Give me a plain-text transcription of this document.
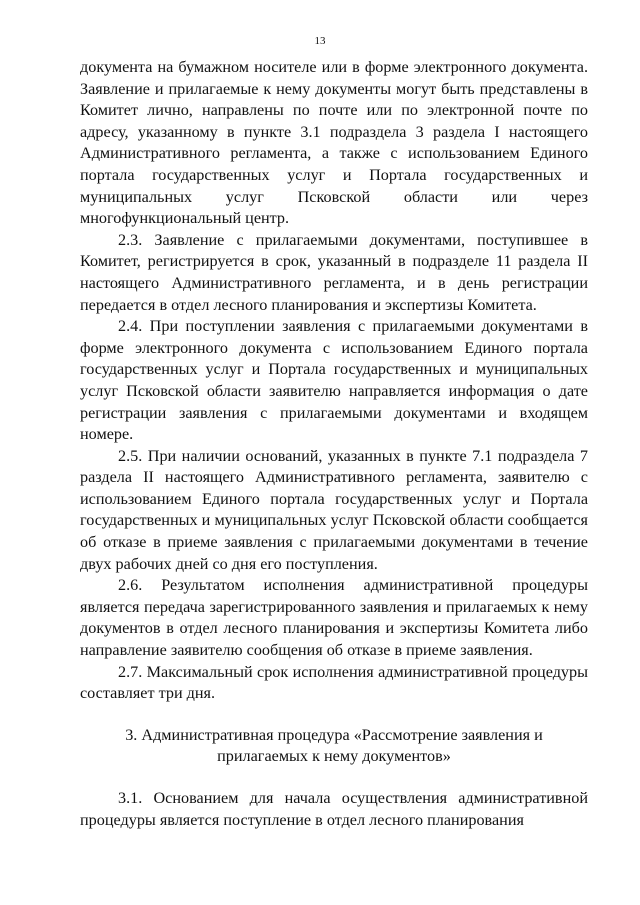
13

документа на бумажном носителе или в форме электронного документа. Заявление и прилагаемые к нему документы могут быть представлены в Комитет лично, направлены по почте или по электронной почте по адресу, указанному в пункте 3.1 подраздела 3 раздела I настоящего Административного регламента, а также с использованием Единого портала государственных услуг и Портала государственных и муниципальных услуг Псковской области или через многофункциональный центр.

2.3. Заявление с прилагаемыми документами, поступившее в Комитет, регистрируется в срок, указанный в подразделе 11 раздела II настоящего Административного регламента, и в день регистрации передается в отдел лесного планирования и экспертизы Комитета.

2.4. При поступлении заявления с прилагаемыми документами в форме электронного документа с использованием Единого портала государственных услуг и Портала государственных и муниципальных услуг Псковской области заявителю направляется информация о дате регистрации заявления с прилагаемыми документами и входящем номере.

2.5. При наличии оснований, указанных в пункте 7.1 подраздела 7 раздела II настоящего Административного регламента, заявителю с использованием Единого портала государственных услуг и Портала государственных и муниципальных услуг Псковской области сообщается об отказе в приеме заявления с прилагаемыми документами в течение двух рабочих дней со дня его поступления.

2.6. Результатом исполнения административной процедуры является передача зарегистрированного заявления и прилагаемых к нему документов в отдел лесного планирования и экспертизы Комитета либо направление заявителю сообщения об отказе в приеме заявления.

2.7. Максимальный срок исполнения административной процедуры составляет три дня.

3. Административная процедура «Рассмотрение заявления и прилагаемых к нему документов»

3.1. Основанием для начала осуществления административной процедуры является поступление в отдел лесного планирования
